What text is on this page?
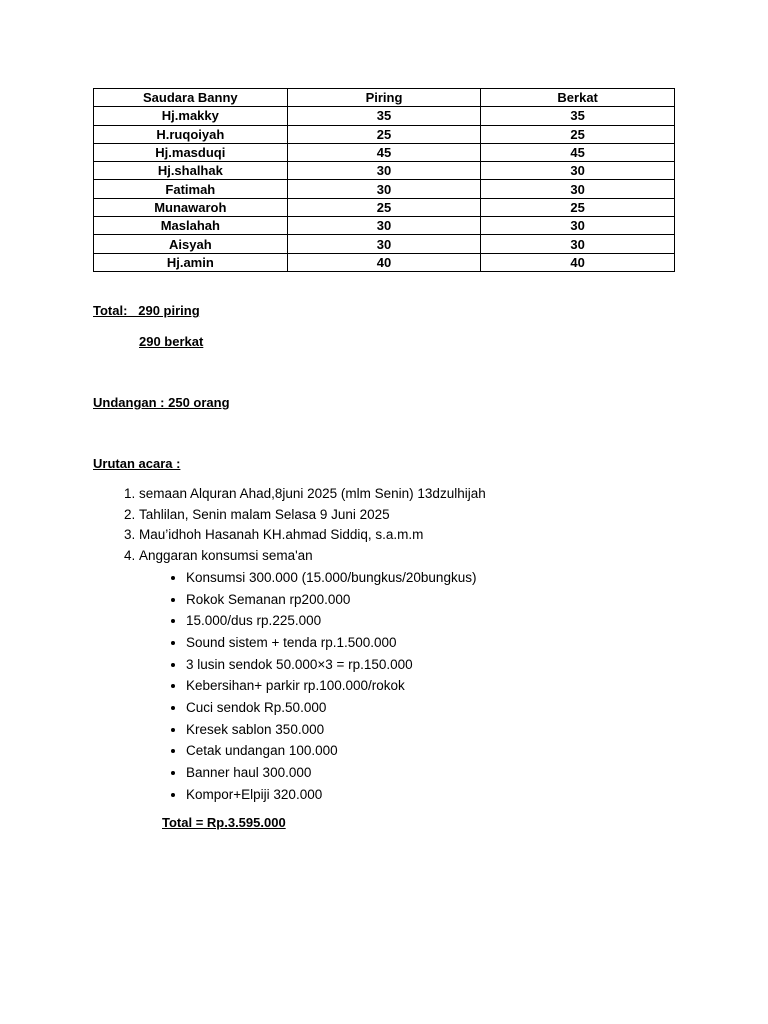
Saudara Banny	Piring	Berkat
Hj.makky	35	35
H.ruqoiyah	25	25
Hj.masduqi	45	45
Hj.shalhak	30	30
Fatimah	30	30
Munawaroh	25	25
Maslahah	30	30
Aisyah	30	30
Hj.amin	40	40
Total:   290 piring
290 berkat
Undangan : 250 orang
Urutan acara :
1. semaan Alquran Ahad,8juni 2025 (mlm Senin) 13dzulhijah
2. Tahlilan, Senin malam Selasa 9 Juni 2025
3. Mau’idhoh Hasanah KH.ahmad Siddiq, s.a.m.m
4. Anggaran konsumsi sema'an
• Konsumsi 300.000 (15.000/bungkus/20bungkus)
• Rokok Semanan rp200.000
• 15.000/dus rp.225.000
• Sound sistem + tenda rp.1.500.000
• 3 lusin sendok 50.000×3 = rp.150.000
• Kebersihan+ parkir rp.100.000/rokok
• Cuci sendok Rp.50.000
• Kresek sablon 350.000
• Cetak undangan 100.000
• Banner haul 300.000
• Kompor+Elpiji 320.000
Total = Rp.3.595.000
